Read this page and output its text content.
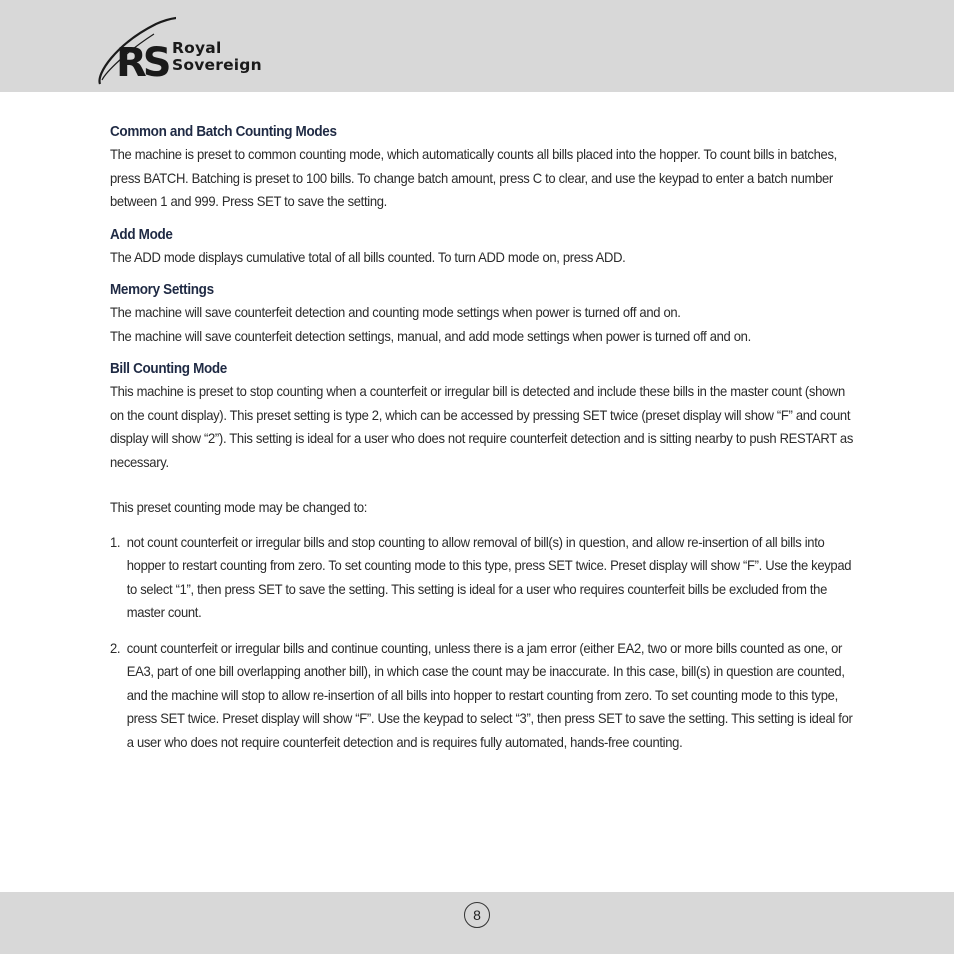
RS Royal
Sovereign
Common and Batch Counting Modes

The machine is preset to common counting mode, which automatically counts all bills placed into the hopper. To count bills in batches, press BATCH. Batching is preset to 100 bills. To change batch amount, press C to clear, and use the keypad to enter a batch number between 1 and 999. Press SET to save the setting.

Add Mode

The ADD mode displays cumulative total of all bills counted. To turn ADD mode on, press ADD.

Memory Settings

The machine will save counterfeit detection and counting mode settings when power is turned off and on.

The machine will save counterfeit detection settings, manual, and add mode settings when power is turned off and on.

Bill Counting Mode

This machine is preset to stop counting when a counterfeit or irregular bill is detected and include these bills in the master count (shown on the count display). This preset setting is type 2, which can be accessed by pressing SET twice (preset display will show “F” and count display will show “2”). This setting is ideal for a user who does not require counterfeit detection and is sitting nearby to push RESTART as necessary.

This preset counting mode may be changed to:

1. not count counterfeit or irregular bills and stop counting to allow removal of bill(s) in question, and allow re-insertion of all bills into hopper to restart counting from zero. To set counting mode to this type, press SET twice. Preset display will show “F”. Use the keypad to select “1”, then press SET to save the setting. This setting is ideal for a user who requires counterfeit bills be excluded from the master count.
2. count counterfeit or irregular bills and continue counting, unless there is a jam error (either EA2, two or more bills counted as one, or EA3, part of one bill overlapping another bill), in which case the count may be inaccurate. In this case, bill(s) in question are counted, and the machine will stop to allow re-insertion of all bills into hopper to restart counting from zero. To set counting mode to this type, press SET twice. Preset display will show “F”. Use the keypad to select “3”, then press SET to save the setting. This setting is ideal for a user who does not require counterfeit detection and is requires fully automated, hands-free counting.
8
